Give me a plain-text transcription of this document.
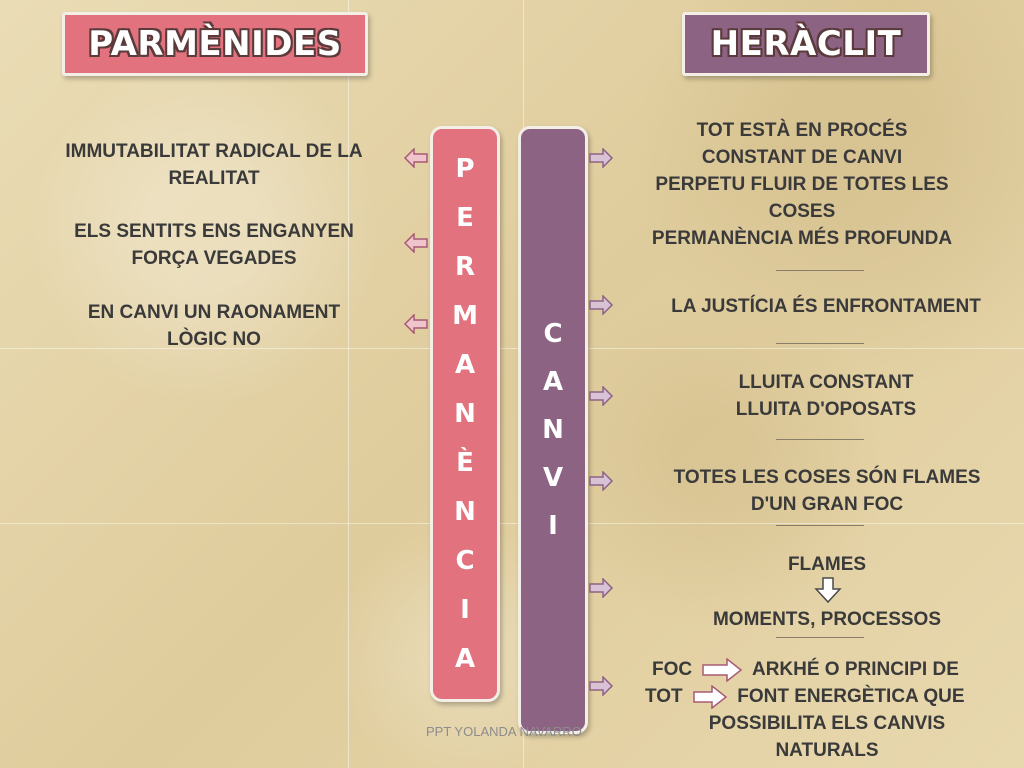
PARMÈNIDES	HERÀCLIT
P
E
R
M
A
N
È
N
C
I
A
C
A
N
V
I
IMMUTABILITAT RADICAL DE LA
REALITAT
ELS SENTITS ENS ENGANYEN
FORÇA VEGADES
EN CANVI UN RAONAMENT
LÒGIC NO
TOT ESTÀ EN PROCÉS
CONSTANT DE CANVI
PERPETU FLUIR DE TOTES LES
COSES
PERMANÈNCIA MÉS PROFUNDA
LA JUSTÍCIA ÉS ENFRONTAMENT
LLUITA CONSTANT
LLUITA D'OPOSATS
TOTES LES COSES SÓN FLAMES
D'UN GRAN FOC
FLAMES
MOMENTS, PROCESSOS
FOC	ARKHÉ O PRINCIPI DE
TOT	FONT ENERGÈTICA QUE
POSSIBILITA ELS CANVIS
NATURALS
PPT YOLANDA NAVARRO
